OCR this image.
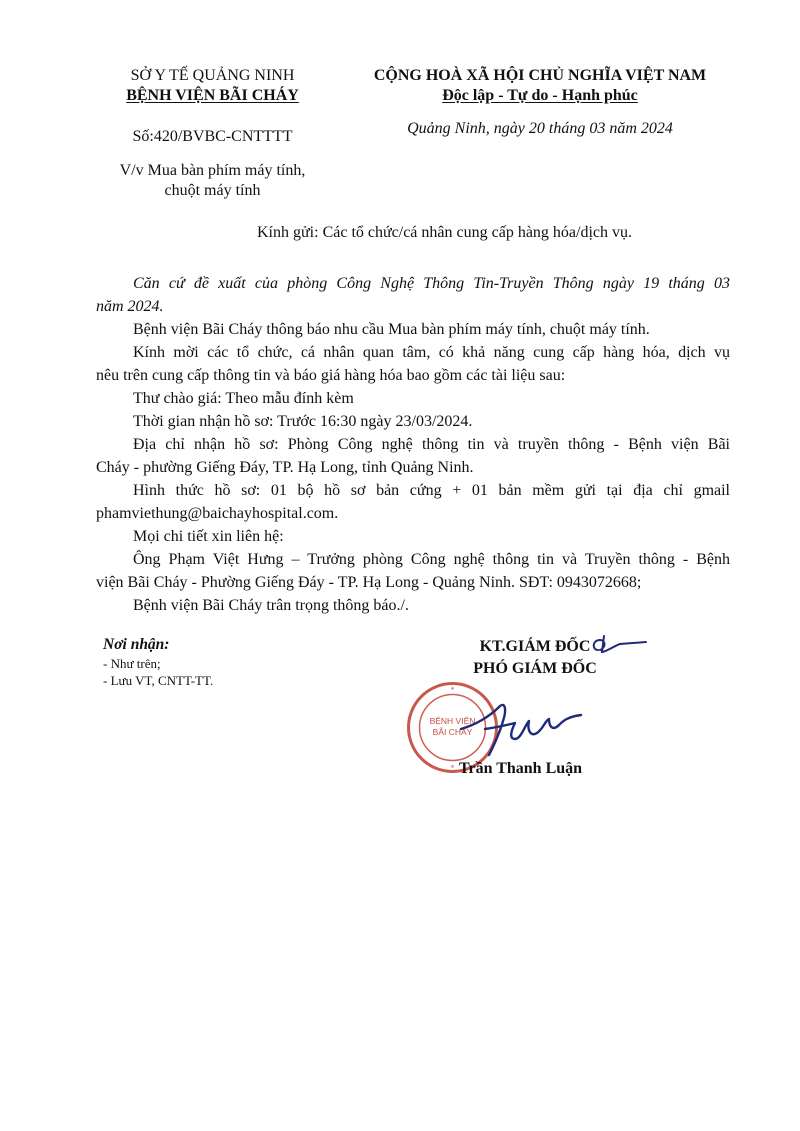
SỞ Y TẾ QUẢNG NINH
BỆNH VIỆN BÃI CHÁY
Số:420/BVBC-CNTTTT
V/v Mua bàn phím máy tính,
chuột máy tính
CỘNG HOÀ XÃ HỘI CHỦ NGHĨA VIỆT NAM
Độc lập - Tự do - Hạnh phúc
Quảng Ninh, ngày 20 tháng 03 năm 2024
Kính gửi: Các tổ chức/cá nhân cung cấp hàng hóa/dịch vụ.

Căn cứ đề xuất của phòng Công Nghệ Thông Tin-Truyền Thông ngày 19 tháng 03

năm 2024.

Bệnh viện Bãi Cháy thông báo nhu cầu Mua bàn phím máy tính, chuột máy tính.

Kính mời các tổ chức, cá nhân quan tâm, có khả năng cung cấp hàng hóa, dịch vụ

nêu trên cung cấp thông tin và báo giá hàng hóa bao gồm các tài liệu sau:

Thư chào giá: Theo mẫu đính kèm

Thời gian nhận hồ sơ: Trước 16:30 ngày 23/03/2024.

Địa chỉ nhận hồ sơ: Phòng Công nghệ thông tin và truyền thông - Bệnh viện Bãi

Cháy - phường Giếng Đáy, TP. Hạ Long, tỉnh Quảng Ninh.

Hình thức hồ sơ: 01 bộ hồ sơ bản cứng + 01 bản mềm gửi tại địa chỉ gmail

phamviethung@baichayhospital.com.

Mọi chi tiết xin liên hệ:

Ông Phạm Việt Hưng – Trưởng phòng Công nghệ thông tin và Truyền thông - Bệnh

viện Bãi Cháy - Phường Giếng Đáy - TP. Hạ Long - Quảng Ninh. SĐT: 0943072668;

Bệnh viện Bãi Cháy trân trọng thông báo./.

Nơi nhận:
- Như trên;
- Lưu VT, CNTT-TT.
KT.GIÁM ĐỐC
PHÓ GIÁM ĐỐC
★
★
BỆNH VIỆN
BÃI CHÁY
Trần Thanh Luận
